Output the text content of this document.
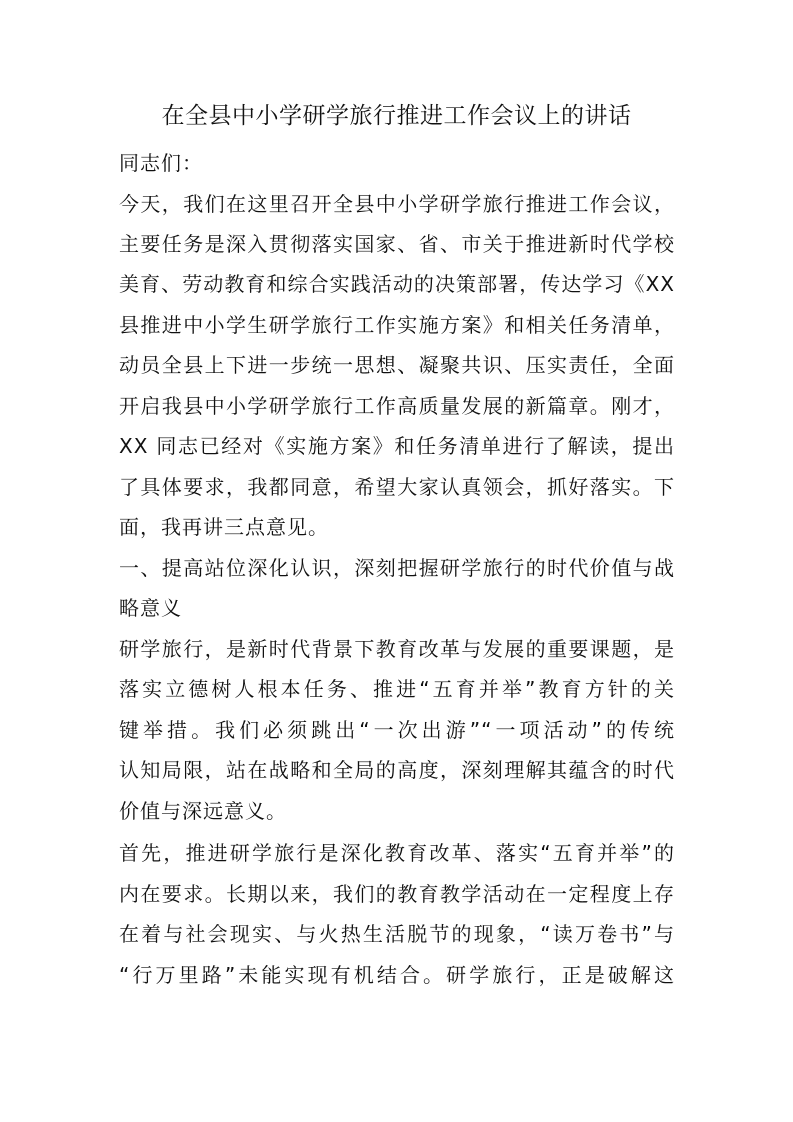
在全县中小学研学旅行推进工作会议上的讲话
同志们：
今天，我们在这里召开全县中小学研学旅行推进工作会议，
主要任务是深入贯彻落实国家、省、市关于推进新时代学校
美育、劳动教育和综合实践活动的决策部署，传达学习《XX
县推进中小学生研学旅行工作实施方案》和相关任务清单，
动员全县上下进一步统一思想、凝聚共识、压实责任，全面
开启我县中小学研学旅行工作高质量发展的新篇章。刚才，
XX 同志已经对《实施方案》和任务清单进行了解读，提出
了具体要求，我都同意，希望大家认真领会，抓好落实。下
面，我再讲三点意见。
一、提高站位深化认识，深刻把握研学旅行的时代价值与战
略意义
研学旅行，是新时代背景下教育改革与发展的重要课题，是
落实立德树人根本任务、推进“五育并举”教育方针的关
键举措。我们必须跳出“一次出游”“一项活动”的传统
认知局限，站在战略和全局的高度，深刻理解其蕴含的时代
价值与深远意义。
首先，推进研学旅行是深化教育改革、落实“五育并举”的
内在要求。长期以来，我们的教育教学活动在一定程度上存
在着与社会现实、与火热生活脱节的现象，“读万卷书”与
“行万里路”未能实现有机结合。研学旅行，正是破解这
